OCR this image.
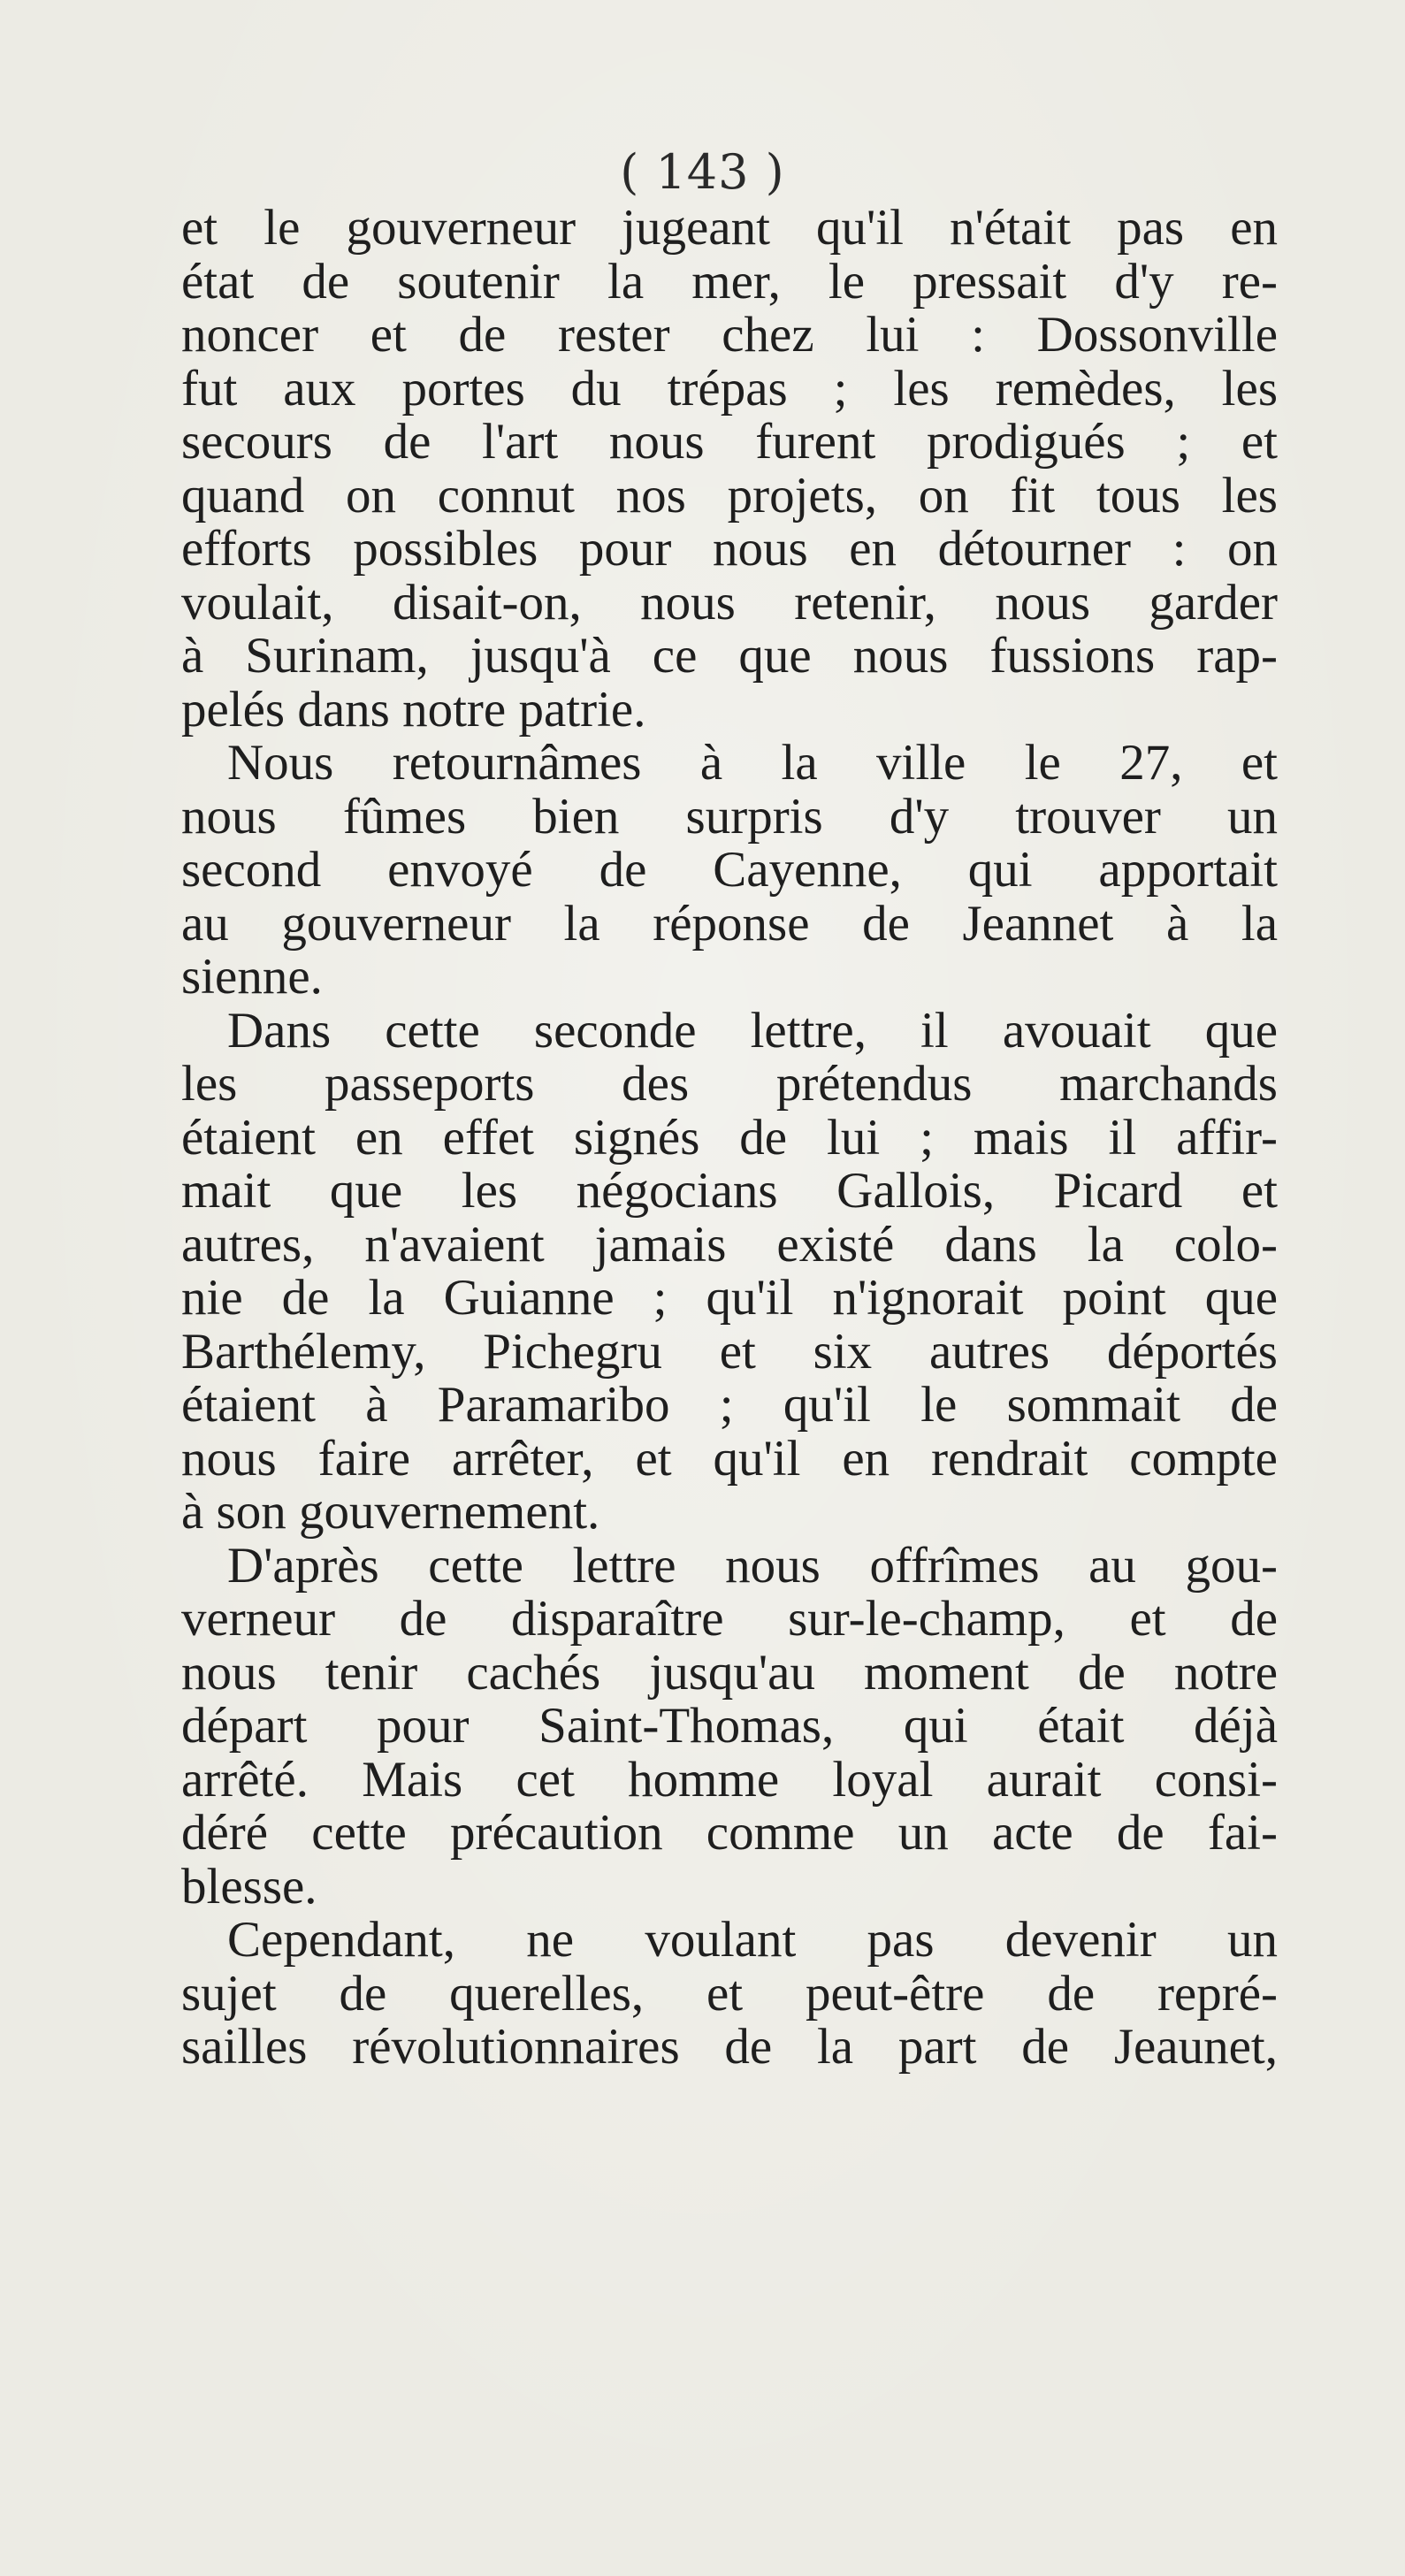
( 143 )
et le gouverneur jugeant qu'il n'était pas en
état de soutenir la mer, le pressait d'y re-
noncer et de rester chez lui : Dossonville
fut aux portes du trépas ; les remèdes, les
secours de l'art nous furent prodigués ; et
quand on connut nos projets, on fit tous les
efforts possibles pour nous en détourner : on
voulait, disait-on, nous retenir, nous garder
à Surinam, jusqu'à ce que nous fussions rap-
pelés dans notre patrie.
Nous retournâmes à la ville le 27, et
nous fûmes bien surpris d'y trouver un
second envoyé de Cayenne, qui apportait
au gouverneur la réponse de Jeannet à la
sienne.
Dans cette seconde lettre, il avouait que
les passeports des prétendus marchands
étaient en effet signés de lui ; mais il affir-
mait que les négocians Gallois, Picard et
autres, n'avaient jamais existé dans la colo-
nie de la Guianne ; qu'il n'ignorait point que
Barthélemy, Pichegru et six autres déportés
étaient à Paramaribo ; qu'il le sommait de
nous faire arrêter, et qu'il en rendrait compte
à son gouvernement.
D'après cette lettre nous offrîmes au gou-
verneur de disparaître sur-le-champ, et de
nous tenir cachés jusqu'au moment de notre
départ pour Saint-Thomas, qui était déjà
arrêté. Mais cet homme loyal aurait consi-
déré cette précaution comme un acte de fai-
blesse.
Cependant, ne voulant pas devenir un
sujet de querelles, et peut-être de repré-
sailles révolutionnaires de la part de Jeaunet,
